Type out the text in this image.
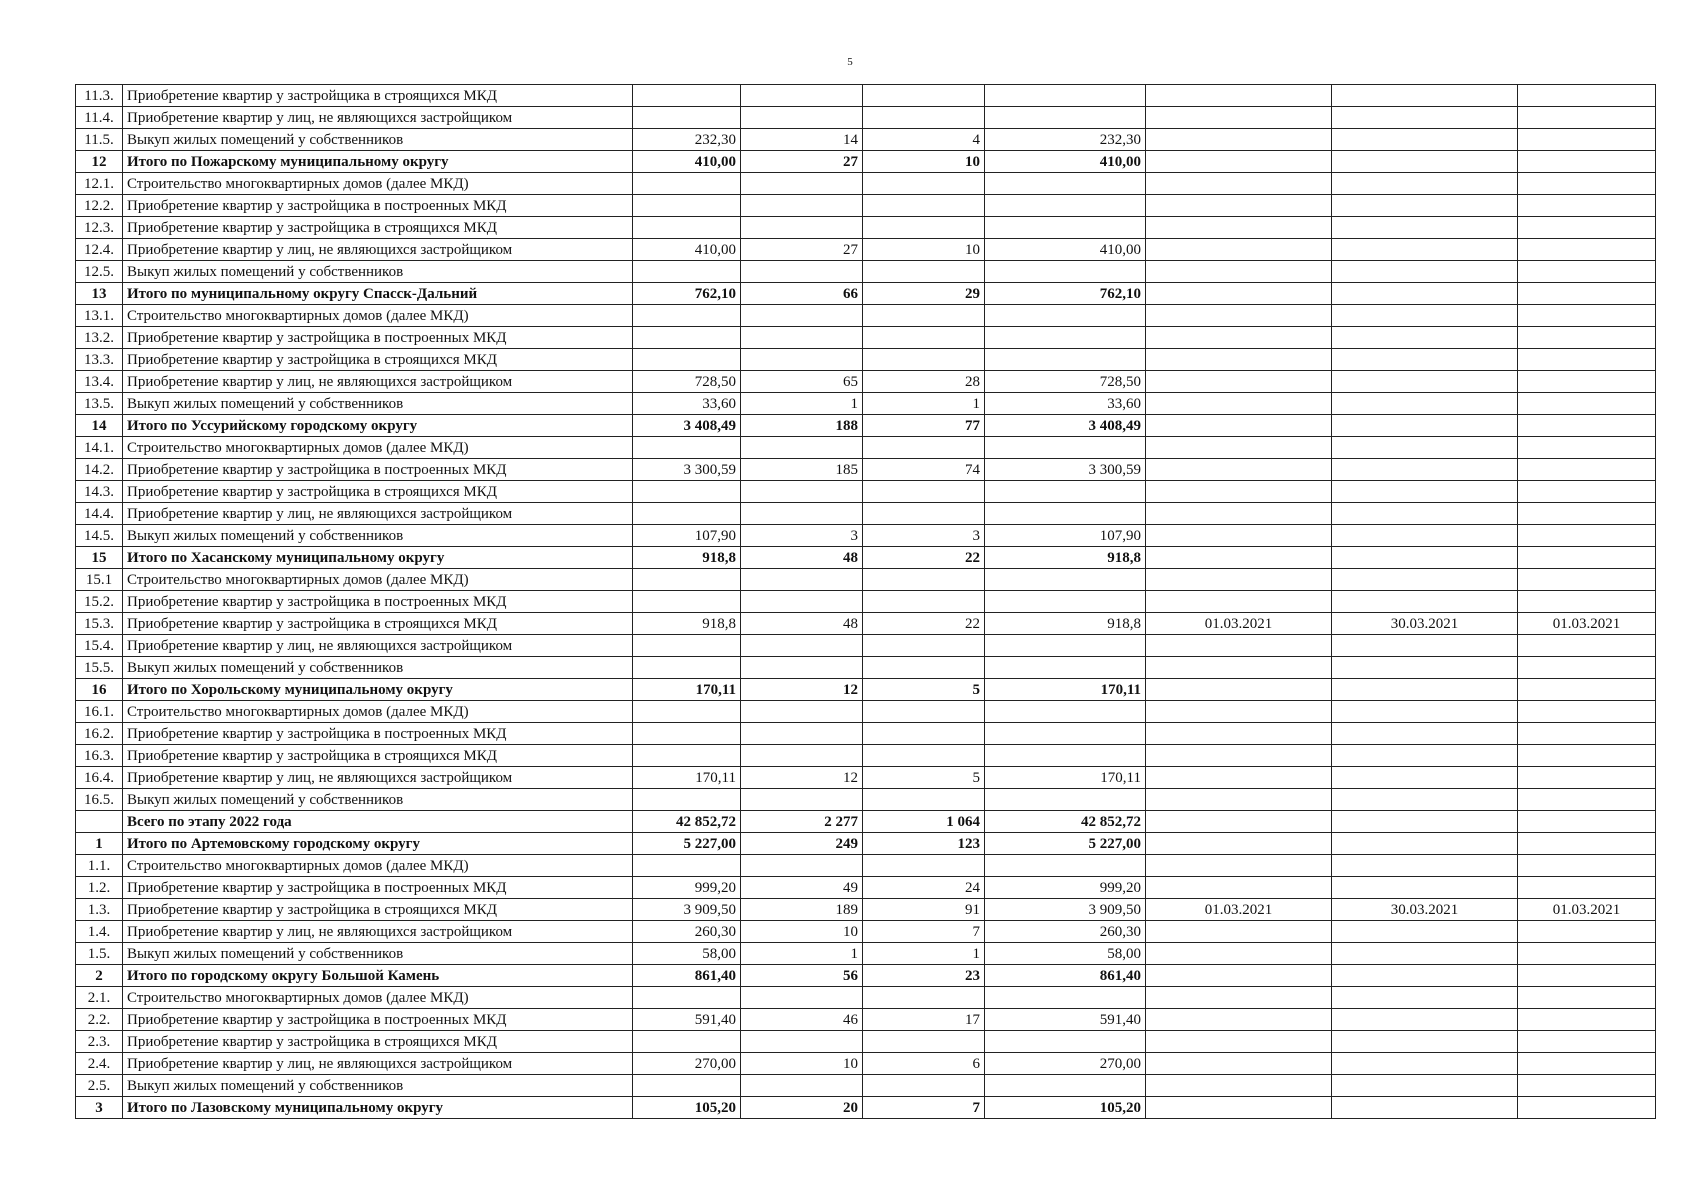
5
11.3.	Приобретение квартир у застройщика в строящихся МКД							
11.4.	Приобретение квартир у лиц, не являющихся застройщиком							
11.5.	Выкуп жилых помещений у собственников	232,30	14	4	232,30			
12	Итого по Пожарскому муниципальному округу	410,00	27	10	410,00			
12.1.	Строительство многоквартирных домов (далее МКД)							
12.2.	Приобретение квартир у застройщика в построенных МКД							
12.3.	Приобретение квартир у застройщика в строящихся МКД							
12.4.	Приобретение квартир у лиц, не являющихся застройщиком	410,00	27	10	410,00			
12.5.	Выкуп жилых помещений у собственников							
13	Итого по муниципальному округу Спасск-Дальний	762,10	66	29	762,10			
13.1.	Строительство многоквартирных домов (далее МКД)							
13.2.	Приобретение квартир у застройщика в построенных МКД							
13.3.	Приобретение квартир у застройщика в строящихся МКД							
13.4.	Приобретение квартир у лиц, не являющихся застройщиком	728,50	65	28	728,50			
13.5.	Выкуп жилых помещений у собственников	33,60	1	1	33,60			
14	Итого по Уссурийскому городскому округу	3 408,49	188	77	3 408,49			
14.1.	Строительство многоквартирных домов (далее МКД)							
14.2.	Приобретение квартир у застройщика в построенных МКД	3 300,59	185	74	3 300,59			
14.3.	Приобретение квартир у застройщика в строящихся МКД							
14.4.	Приобретение квартир у лиц, не являющихся застройщиком							
14.5.	Выкуп жилых помещений у собственников	107,90	3	3	107,90			
15	Итого по Хасанскому муниципальному округу	918,8	48	22	918,8			
15.1	Строительство многоквартирных домов (далее МКД)							
15.2.	Приобретение квартир у застройщика в построенных МКД							
15.3.	Приобретение квартир у застройщика в строящихся МКД	918,8	48	22	918,8	01.03.2021	30.03.2021	01.03.2021
15.4.	Приобретение квартир у лиц, не являющихся застройщиком							
15.5.	Выкуп жилых помещений у собственников							
16	Итого по Хорольскому муниципальному округу	170,11	12	5	170,11			
16.1.	Строительство многоквартирных домов (далее МКД)							
16.2.	Приобретение квартир у застройщика в построенных МКД							
16.3.	Приобретение квартир у застройщика в строящихся МКД							
16.4.	Приобретение квартир у лиц, не являющихся застройщиком	170,11	12	5	170,11			
16.5.	Выкуп жилых помещений у собственников							
	Всего по этапу 2022 года	42 852,72	2 277	1 064	42 852,72			
1	Итого по Артемовскому городскому округу	5 227,00	249	123	5 227,00			
1.1.	Строительство многоквартирных домов (далее МКД)							
1.2.	Приобретение квартир у застройщика в построенных МКД	999,20	49	24	999,20			
1.3.	Приобретение квартир у застройщика в строящихся МКД	3 909,50	189	91	3 909,50	01.03.2021	30.03.2021	01.03.2021
1.4.	Приобретение квартир у лиц, не являющихся застройщиком	260,30	10	7	260,30			
1.5.	Выкуп жилых помещений у собственников	58,00	1	1	58,00			
2	Итого по городскому округу Большой Камень	861,40	56	23	861,40			
2.1.	Строительство многоквартирных домов (далее МКД)							
2.2.	Приобретение квартир у застройщика в построенных МКД	591,40	46	17	591,40			
2.3.	Приобретение квартир у застройщика в строящихся МКД							
2.4.	Приобретение квартир у лиц, не являющихся застройщиком	270,00	10	6	270,00			
2.5.	Выкуп жилых помещений у собственников							
3	Итого по Лазовскому муниципальному округу	105,20	20	7	105,20			
